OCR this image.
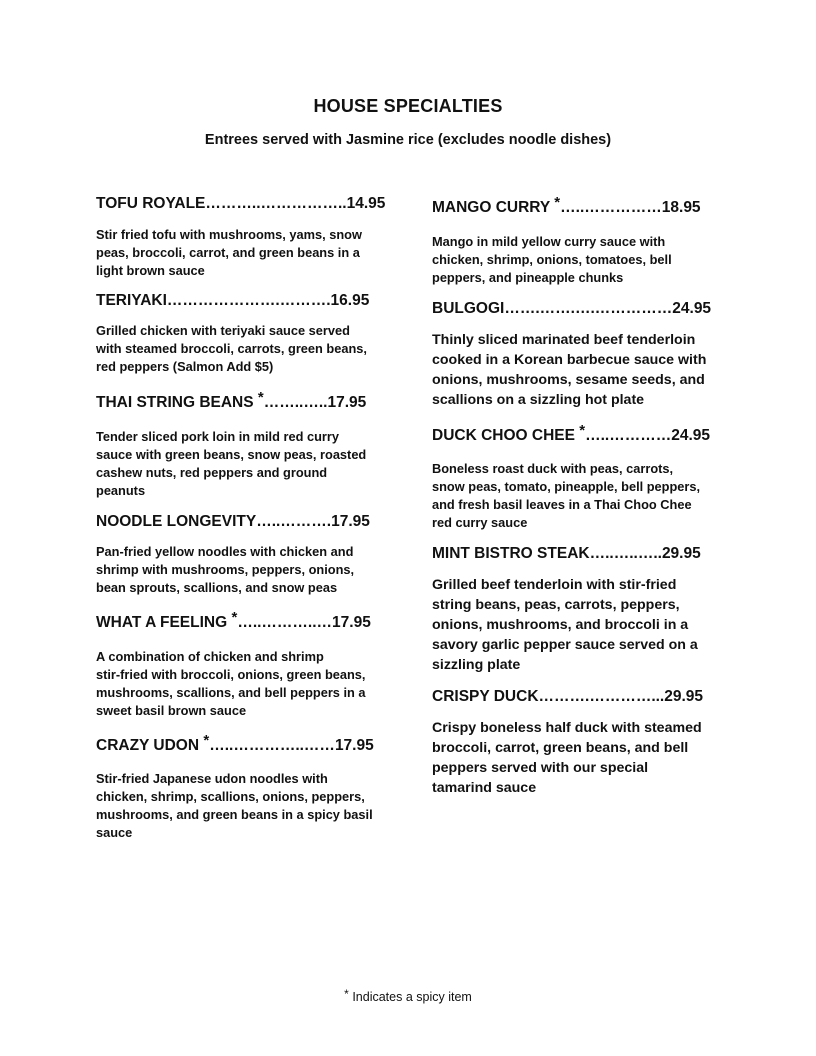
HOUSE SPECIALTIES
Entrees served with Jasmine rice (excludes noodle dishes)
TOFU ROYALE………..……………..14.95

Stir fried tofu with mushrooms, yams, snow

peas, broccoli, carrot, and green beans in a

light brown sauce

TERIYAKI………………….……….16.95

Grilled chicken with teriyaki sauce served

with steamed broccoli, carrots, green beans,

red peppers (Salmon Add $5)

THAI STRING BEANS *……..…..17.95

Tender sliced pork loin in mild red curry

sauce with green beans, snow peas, roasted

cashew nuts, red peppers and ground

peanuts

NOODLE LONGEVITY…..……….17.95

Pan-fried yellow noodles with chicken and

shrimp with mushrooms, peppers, onions,

bean sprouts, scallions, and snow peas

WHAT A FEELING *…..………..…17.95

A combination of chicken and shrimp

stir-fried with broccoli, onions, green beans,

mushrooms, scallions, and bell peppers in a

sweet basil brown sauce

CRAZY UDON *…..…………..……17.95

Stir-fried Japanese udon noodles with

chicken, shrimp, scallions, onions, peppers,

mushrooms, and green beans in a spicy basil

sauce

MANGO CURRY *…..……………18.95

Mango in mild yellow curry sauce with

chicken, shrimp, onions, tomatoes, bell

peppers, and pineapple chunks

BULGOGI…….…….….……………24.95

Thinly sliced marinated beef tenderloin

cooked in a Korean barbecue sauce with

onions, mushrooms, sesame seeds, and

scallions on a sizzling hot plate

DUCK CHOO CHEE *…..…………24.95

Boneless roast duck with peas, carrots,

snow peas, tomato, pineapple, bell peppers,

and fresh basil leaves in a Thai Choo Chee

red curry sauce

MINT BISTRO STEAK…..…..…..29.95

Grilled beef tenderloin with stir-fried

string beans, peas, carrots, peppers,

onions, mushrooms, and broccoli in a

savory garlic pepper sauce served on a

sizzling plate

CRISPY DUCK……….…………...29.95

Crispy boneless half duck with steamed

broccoli, carrot, green beans, and bell

peppers served with our special

tamarind sauce

* Indicates a spicy item
